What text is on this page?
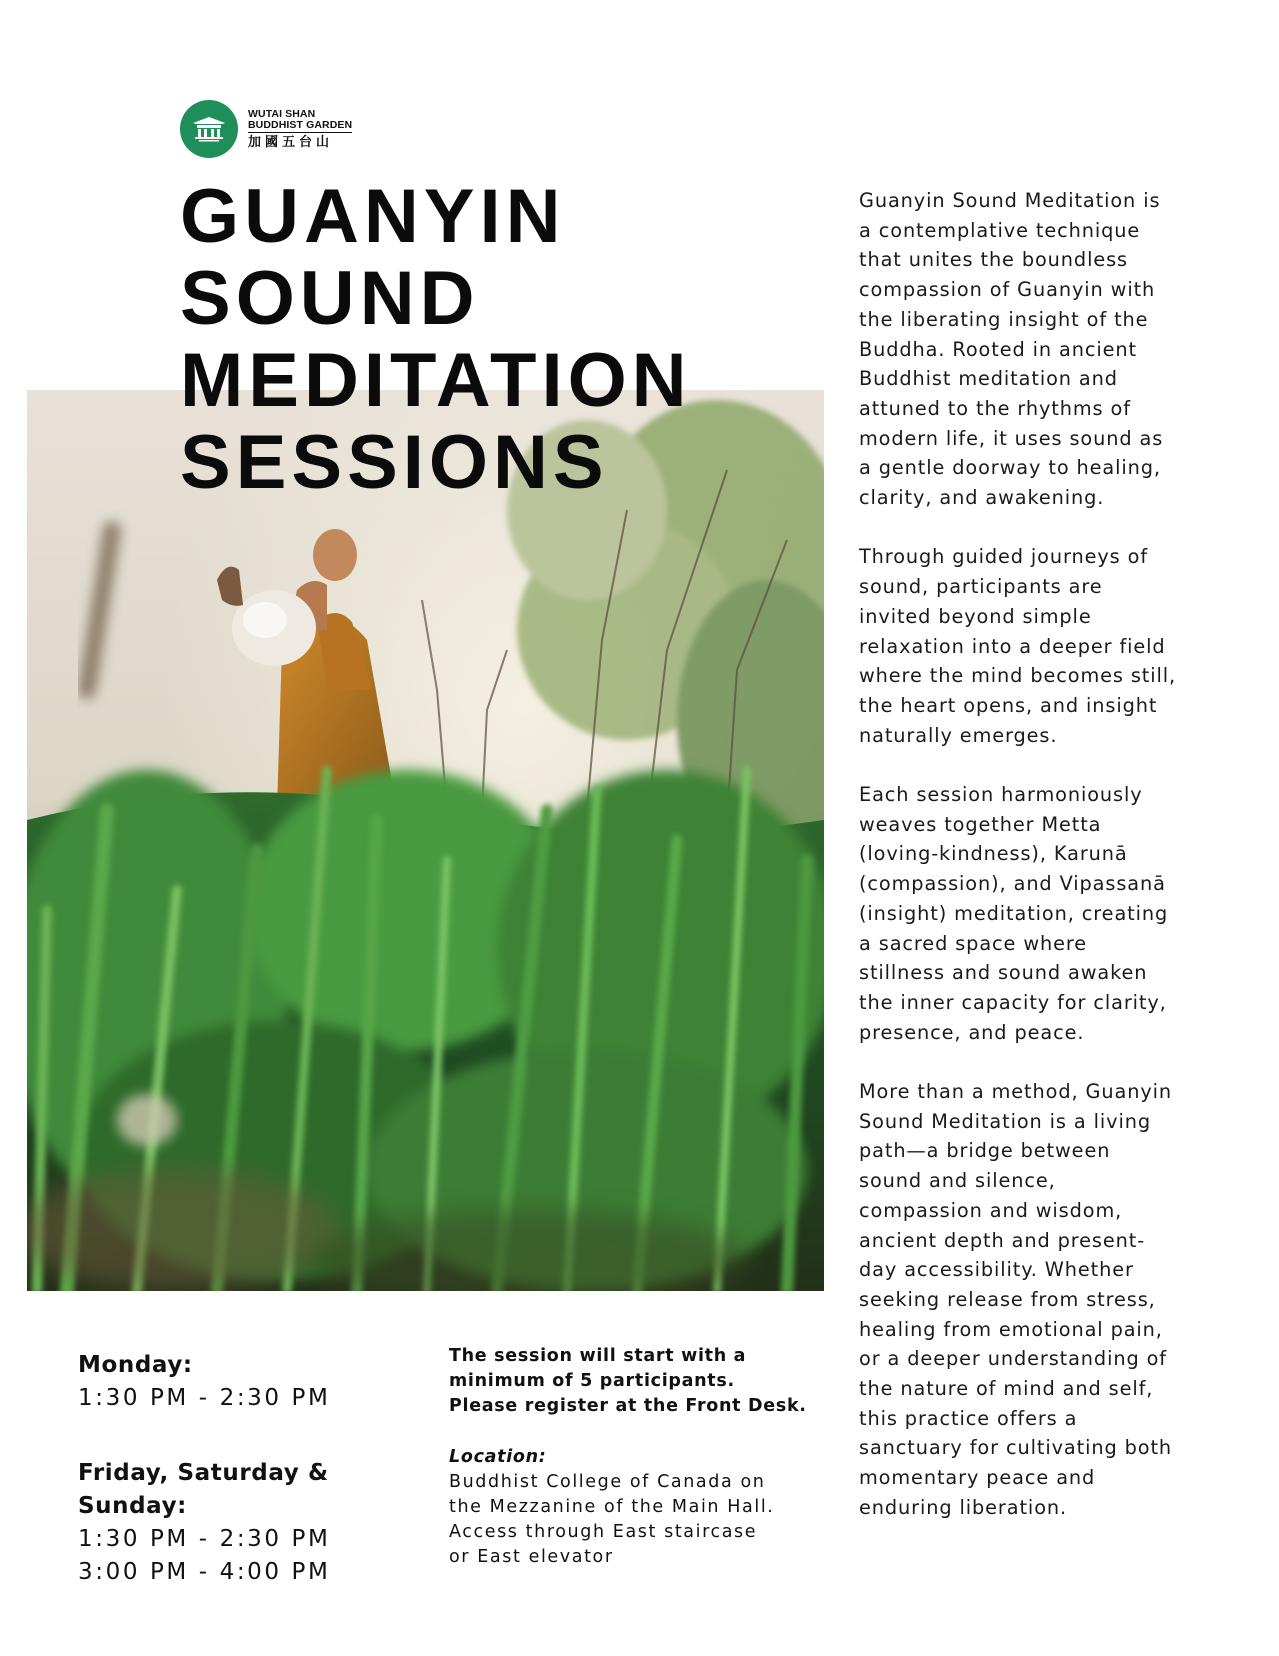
WUTAI SHAN
BUDDHIST GARDEN
加國五台山
GUANYIN
SOUND
MEDITATION
SESSIONS

Guanyin Sound Meditation is
a contemplative technique
that unites the boundless
compassion of Guanyin with
the liberating insight of the
Buddha. Rooted in ancient
Buddhist meditation and
attuned to the rhythms of
modern life, it uses sound as
a gentle doorway to healing,
clarity, and awakening.

Through guided journeys of
sound, participants are
invited beyond simple
relaxation into a deeper field
where the mind becomes still,
the heart opens, and insight
naturally emerges.

Each session harmoniously
weaves together Metta
(loving-kindness), Karunā
(compassion), and Vipassanā
(insight) meditation, creating
a sacred space where
stillness and sound awaken
the inner capacity for clarity,
presence, and peace.

More than a method, Guanyin
Sound Meditation is a living
path—a bridge between
sound and silence,
compassion and wisdom,
ancient depth and present-
day accessibility. Whether
seeking release from stress,
healing from emotional pain,
or a deeper understanding of
the nature of mind and self,
this practice offers a
sanctuary for cultivating both
momentary peace and
enduring liberation.

Monday:
1:30 PM - 2:30 PM
Friday, Saturday &
Sunday:
1:30 PM - 2:30 PM
3:00 PM - 4:00 PM

The session will start with a
minimum of 5 participants.
Please register at the Front Desk.

Location:
Buddhist College of Canada on
the Mezzanine of the Main Hall.
Access through East staircase
or East elevator
